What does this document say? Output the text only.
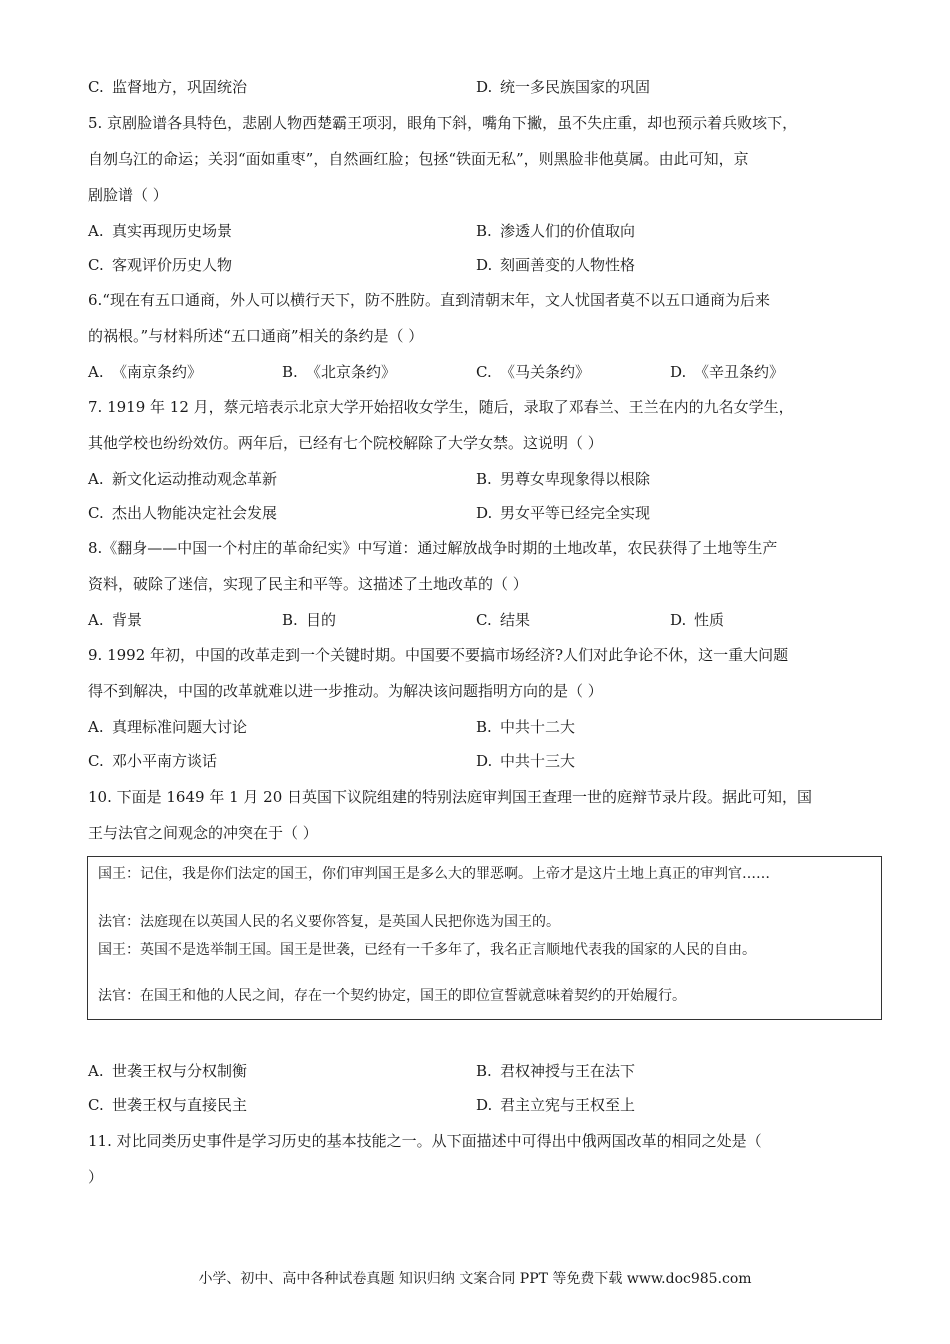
C. 监督地方，巩固统治	D. 统一多民族国家的巩固
5. 京剧脸谱各具特色，悲剧人物西楚霸王项羽，眼角下斜，嘴角下撇，虽不失庄重，却也预示着兵败垓下，
自刎乌江的命运；关羽“面如重枣”，自然画红脸；包拯“铁面无私”，则黑脸非他莫属。由此可知，京
剧脸谱（ ）
A. 真实再现历史场景	B. 渗透人们的价值取向
C. 客观评价历史人物	D. 刻画善变的人物性格
6.“现在有五口通商，外人可以横行天下，防不胜防。直到清朝末年，文人忧国者莫不以五口通商为后来
的祸根。”与材料所述“五口通商”相关的条约是（ ）
A. 《南京条约》	B. 《北京条约》	C. 《马关条约》	D. 《辛丑条约》
7. 1919 年 12 月，蔡元培表示北京大学开始招收女学生，随后，录取了邓春兰、王兰在内的九名女学生，
其他学校也纷纷效仿。两年后，已经有七个院校解除了大学女禁。这说明（ ）
A. 新文化运动推动观念革新	B. 男尊女卑现象得以根除
C. 杰出人物能决定社会发展	D. 男女平等已经完全实现
8.《翻身——中国一个村庄的革命纪实》中写道：通过解放战争时期的土地改革，农民获得了土地等生产
资料，破除了迷信，实现了民主和平等。这描述了土地改革的（ ）
A. 背景	B. 目的	C. 结果	D. 性质
9. 1992 年初，中国的改革走到一个关键时期。中国要不要搞市场经济?人们对此争论不休，这一重大问题
得不到解决，中国的改革就难以进一步推动。为解决该问题指明方向的是（ ）
A. 真理标准问题大讨论	B. 中共十二大
C. 邓小平南方谈话	D. 中共十三大
10. 下面是 1649 年 1 月 20 日英国下议院组建的特别法庭审判国王查理一世的庭辩节录片段。据此可知，国
王与法官之间观念的冲突在于（ ）
国王：记住，我是你们法定的国王，你们审判国王是多么大的罪恶啊。上帝才是这片土地上真正的审判官……
法官：法庭现在以英国人民的名义要你答复，是英国人民把你选为国王的。
国王：英国不是选举制王国。国王是世袭，已经有一千多年了，我名正言顺地代表我的国家的人民的自由。
法官：在国王和他的人民之间，存在一个契约协定，国王的即位宣誓就意味着契约的开始履行。
A. 世袭王权与分权制衡	B. 君权神授与王在法下
C. 世袭王权与直接民主	D. 君主立宪与王权至上
11. 对比同类历史事件是学习历史的基本技能之一。从下面描述中可得出中俄两国改革的相同之处是（
）
小学、初中、高中各种试卷真题 知识归纳 文案合同 PPT 等免费下载 www.doc985.com
